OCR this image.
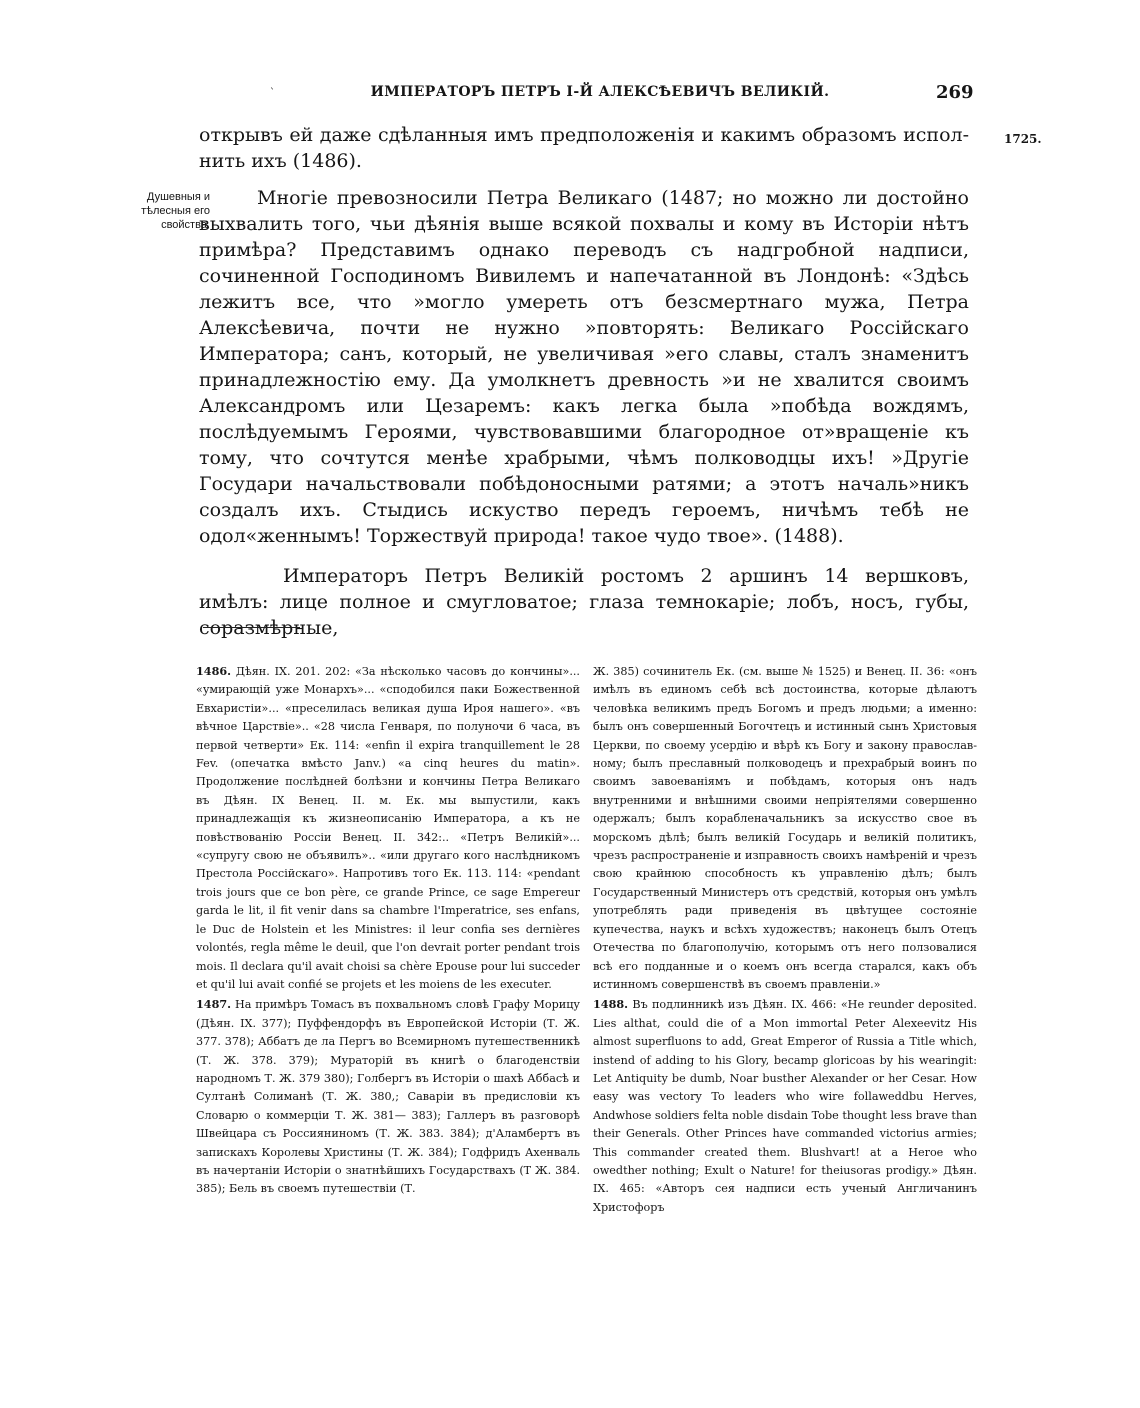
ˋ	ИМПЕРАТОРЪ ПЕТРЪ I-Й АЛЕКСѢЕВИЧЪ ВЕЛИКІЙ.	269
1725.
Душевныя и тѣлесныя его свойства.

открывъ ей даже сдѣланныя имъ предположенія и какимъ образомъ исполнить ихъ (1486).

Многіе превозносили Петра Великаго (1487; но можно ли достойно выхвалить того, чьи дѣянія выше всякой похвалы и кому въ Исторіи нѣтъ примѣра? Представимъ однако переводъ съ надгробной надписи, сочиненной Господиномъ Вивилемъ и напечатанной въ Лондонѣ: «Здѣсь лежитъ все, что »могло умереть отъ безсмертнаго мужа, Петра Алексѣевича, почти не нужно »повторять: Великаго Россійскаго Императора; санъ, который, не увеличивая »его славы, сталъ знаменитъ принадлежностію ему. Да умолкнетъ древность »и не хвалится своимъ Александромъ или Цезаремъ: какъ легка была »побѣда вождямъ, послѣдуемымъ Героями, чувствовавшими благородное от»вращеніе къ тому, что сочтутся менѣе храбрыми, чѣмъ полководцы ихъ! »Другіе Государи начальствовали побѣдоносными ратями; а этотъ началь»никъ создалъ ихъ. Стыдись искуство передъ героемъ, ничѣмъ тебѣ не одол«женнымъ! Торжествуй природа! такое чудо твое». (1488).

Императоръ Петръ Великій ростомъ 2 аршинъ 14 вершковъ, имѣлъ: лице полное и смугловатое; глаза темнокаріе; лобъ, носъ, губы, соразмѣрные,

1486. Дѣян. IX. 201. 202: «За нѣсколько часовъ до кончины»... «умирающій уже Монархъ»... «сподобился паки Божественной Евхаристіи»... «преселилась великая душа Ироя нашего». «въ вѣчное Царствіе».. «28 числа Генваря, по полуночи 6 часа, въ первой четверти» Ек. 114: «enfin il expira tranquillement le 28 Fev. (опечатка вмѣсто Janv.) «a cinq heures du matin». Продолжение послѣдней болѣзни и кончины Петра Великаго въ Дѣян. IX Венец. II. м. Ек. мы выпустили, какъ принадлежащія къ жизнеописанію Императора, а къ не повѣствованію Россіи Венец. II. 342:.. «Петръ Великій»... «супругу свою не объявилъ».. «или другаго кого наслѣдникомъ Престола Россійскаго». Напротивъ того Ек. 113. 114: «pendant trois jours que ce bon père, ce grande Prince, ce sage Empereur garda le lit, il fit venir dans sa chambre l'Imperatrice, ses enfans, le Duc de Holstein et les Ministres: il leur confia ses dernières volontés, regla même le deuil, que l'on devrait porter pendant trois mois. Il declara qu'il avait choisi sa chère Epouse pour lui succeder et qu'il lui avait confié se projets et les moiens de les executer.

1487. На примѣръ Томасъ въ похвальномъ словѣ Графу Морицу (Дѣян. IX. 377); Пуффендорфъ въ Европейской Исторіи (Т. Ж. 377. 378); Аббатъ де ла Пергъ во Всемирномъ путешественникѣ (Т. Ж. 378. 379); Мураторій въ книгѣ о благоденствіи народномъ Т. Ж. 379 380); Голбергъ въ Исторіи о шахѣ Аббасѣ и Султанѣ Солиманѣ (Т. Ж. 380,; Саваріи въ предисловіи къ Словарю о коммерціи Т. Ж. 381— 383); Галлеръ въ разговорѣ Швейцара съ Россияниномъ (Т. Ж. 383. 384); д'Аламбертъ въ запискахъ Королевы Христины (Т. Ж. 384); Годфридъ Ахенваль въ начертаніи Исторіи о знатнѣйшихъ Государствахъ (Т Ж. 384. 385); Бель въ своемъ путешествіи (Т.

Ж. 385) сочинитель Ек. (см. выше № 1525) и Венец. II. 36: «онъ имѣлъ въ единомъ себѣ всѣ достоинства, которые дѣлаютъ человѣка великимъ предъ Богомъ и предъ людьми; а именно: былъ онъ совершенный Богочтецъ и истинный сынъ Христовыя Церкви, по своему усердію и вѣрѣ къ Богу и закону православному; былъ преславный полководецъ и прехрабрый воинъ по своимъ завоеваніямъ и побѣдамъ, которыя онъ надъ внутренними и внѣшними своими непріятелями совершенно одержалъ; былъ корабленачальникъ за искусство свое въ морскомъ дѣлѣ; былъ великій Государь и великій политикъ, чрезъ распространеніе и изправность своихъ намѣреній и чрезъ свою крайнюю способность къ управленію дѣлъ; былъ Государственный Министеръ отъ средствій, которыя онъ умѣлъ употреблять ради приведенія въ цвѣтущее состояніе купечества, наукъ и всѣхъ художествъ; наконецъ былъ Отецъ Отечества по благополучію, которымъ отъ него ползовалися всѣ его подданные и о коемъ онъ всегда старался, какъ объ истинномъ совершенствѣ въ своемъ правленіи.»

1488. Въ подлинникѣ изъ Дѣян. IX. 466: «He reunder deposited. Lies althat, could die of a Mon immortal Peter Alexeevitz His almost superfluons to add, Great Emperor of Russia a Title which, instend of adding to his Glory, becamp gloricoas by his wearingit: Let Antiquity be dumb, Noar busther Alexander or her Cesar. How easy was vectory To leaders who wire follaweddbu Herves, Andwhose soldiers felta noble disdain Tobe thought less brave than their Generals. Other Princes have commanded victorius armies; This commander created them. Blushvart! at a Heroe who owedther nothing; Exult o Nature! for theiusoras prodigy.» Дѣян. IX. 465: «Авторъ сея надписи есть ученый Англичанинъ Христофоръ
